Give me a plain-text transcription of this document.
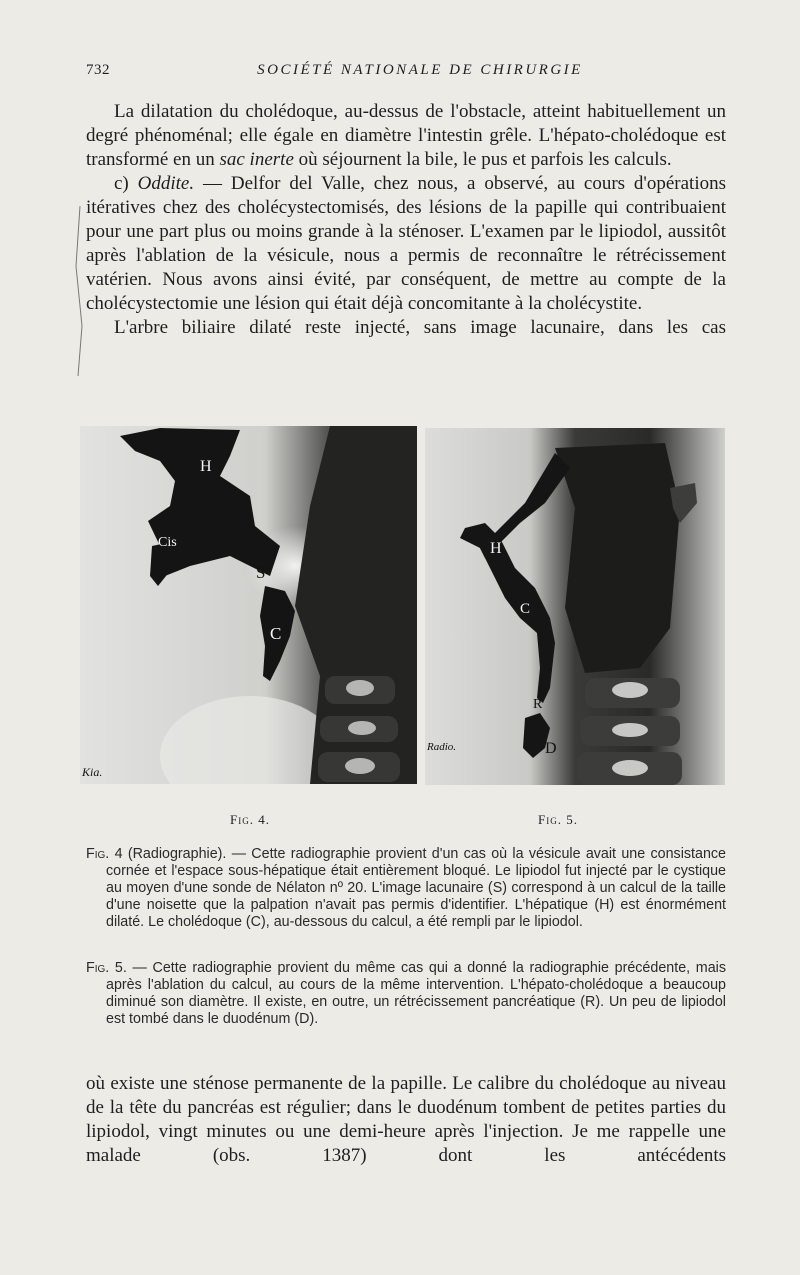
732	SOCIÉTÉ NATIONALE DE CHIRURGIE

La dilatation du cholédoque, au-dessus de l'obstacle, atteint habituellement un degré phénoménal; elle égale en diamètre l'intestin grêle. L'hépato-cholédoque est transformé en un sac inerte où séjournent la bile, le pus et parfois les calculs.

c) Oddite. — Delfor del Valle, chez nous, a observé, au cours d'opérations itératives chez des cholécystectomisés, des lésions de la papille qui contribuaient pour une part plus ou moins grande à la sténoser. L'examen par le lipiodol, aussitôt après l'ablation de la vésicule, nous a permis de reconnaître le rétrécissement vatérien. Nous avons ainsi évité, par conséquent, de mettre au compte de la cholécystectomie une lésion qui était déjà concomitante à la cholécystite.

L'arbre biliaire dilaté reste injecté, sans image lacunaire, dans les cas

H
Cis
S
C
Kia.
H
C
R
D
Radio.
Fig. 4.	Fig. 5.

Fig. 4 (Radiographie). — Cette radiographie provient d'un cas où la vésicule avait une consistance cornée et l'espace sous-hépatique était entièrement bloqué. Le lipiodol fut injecté par le cystique au moyen d'une sonde de Nélaton nº 20. L'image lacunaire (S) correspond à un calcul de la taille d'une noisette que la palpation n'avait pas permis d'identifier. L'hépatique (H) est énormément dilaté. Le cholédoque (C), au-dessous du calcul, a été rempli par le lipiodol.

Fig. 5. — Cette radiographie provient du même cas qui a donné la radiographie précédente, mais après l'ablation du calcul, au cours de la même intervention. L'hépato-cholédoque a beaucoup diminué son diamètre. Il existe, en outre, un rétrécissement pancréatique (R). Un peu de lipiodol est tombé dans le duodénum (D).

où existe une sténose permanente de la papille. Le calibre du cholédoque au niveau de la tête du pancréas est régulier; dans le duodénum tombent de petites parties du lipiodol, vingt minutes ou une demi-heure après l'injection. Je me rappelle une malade (obs. 1387) dont les antécédents
